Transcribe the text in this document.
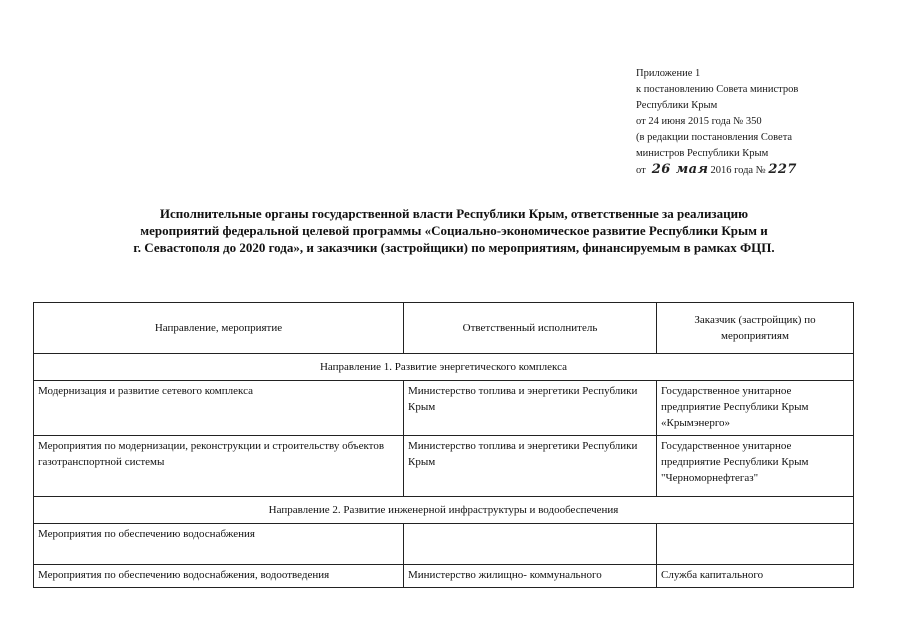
Приложение 1
к постановлению Совета министров
Республики Крым
от 24 июня 2015 года № 350
(в редакции постановления Совета
министров Республики Крым
от 26 мая 2016 года № 227
Исполнительные органы государственной власти Республики Крым, ответственные за реализацию
мероприятий федеральной целевой программы «Социально-экономическое развитие Республики Крым и
г. Севастополя до 2020 года», и заказчики (застройщики) по мероприятиям, финансируемым в рамках ФЦП.
Направление, мероприятие	Ответственный исполнитель	Заказчик (застройщик) по мероприятиям
Направление 1. Развитие энергетического комплекса		
Модернизация и развитие сетевого комплекса	Министерство топлива и энергетики Республики Крым	Государственное унитарное предприятие Республики Крым «Крымэнерго»
Мероприятия по модернизации, реконструкции и строительству объектов газотранспортной системы	Министерство топлива и энергетики Республики Крым	Государственное унитарное предприятие Республики Крым "Черноморнефтегаз"
Направление 2. Развитие инженерной инфраструктуры и водообеспечения		
Мероприятия по обеспечению водоснабжения		
Мероприятия по обеспечению водоснабжения, водоотведения	Министерство жилищно- коммунального	Служба капитального
